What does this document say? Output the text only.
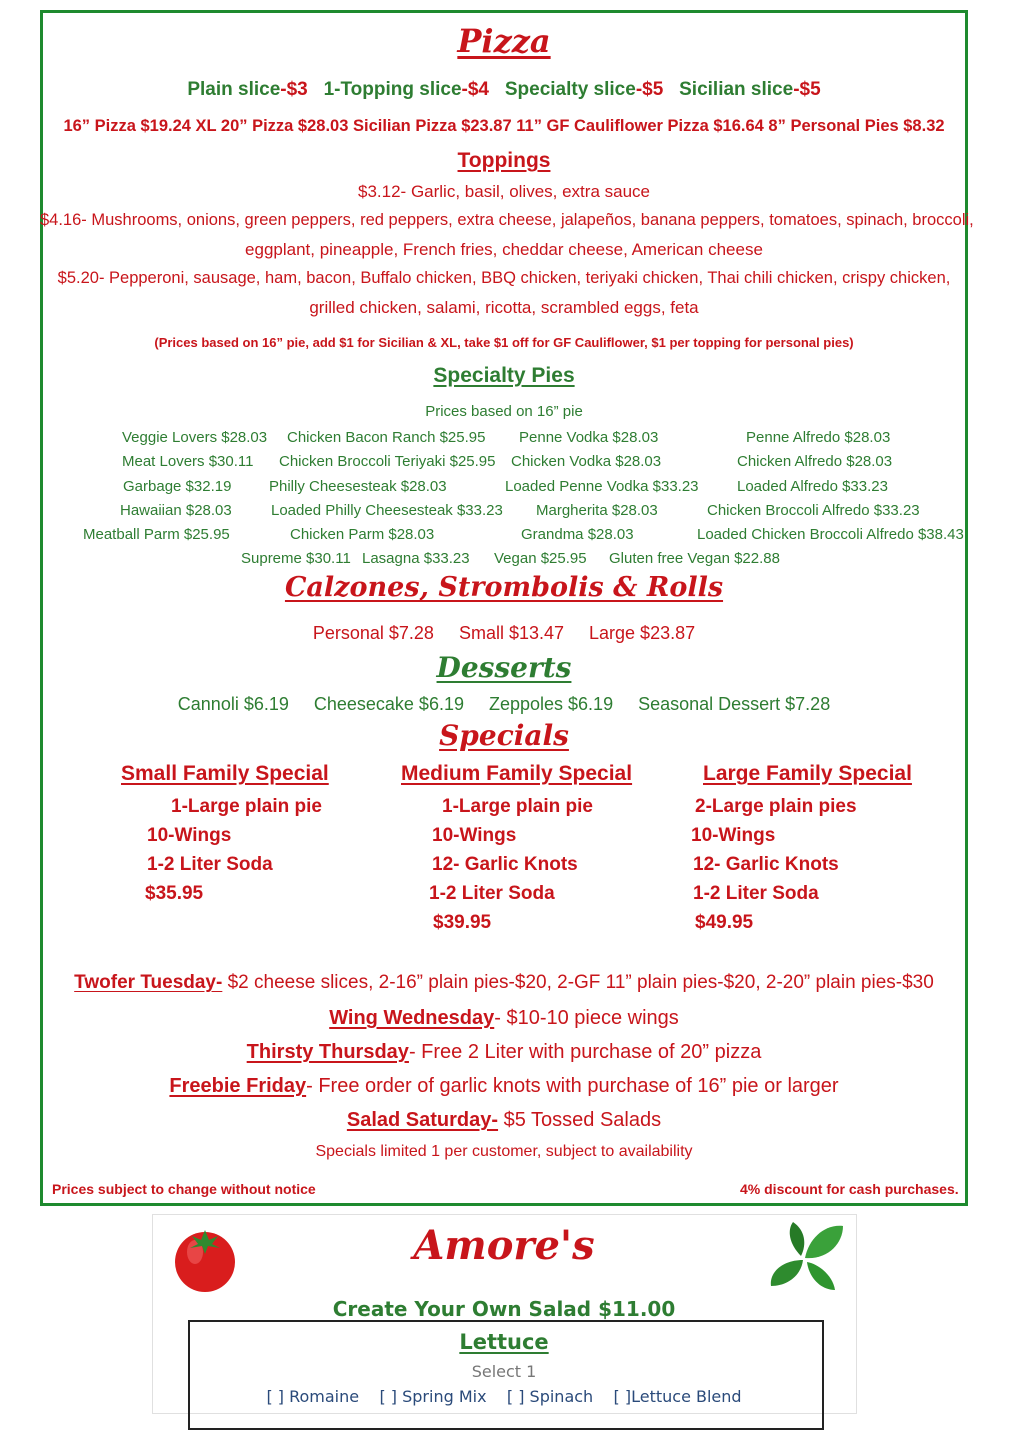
Pizza
Plain slice-$3 1-Topping slice-$4 Specialty slice-$5 Sicilian slice-$5
16” Pizza $19.24 XL 20” Pizza $28.03 Sicilian Pizza $23.87 11” GF Cauliflower Pizza $16.64 8” Personal Pies $8.32
Toppings
$3.12- Garlic, basil, olives, extra sauce
$4.16- Mushrooms, onions, green peppers, red peppers, extra cheese, jalapeños, banana peppers, tomatoes, spinach, broccoli,
eggplant, pineapple, French fries, cheddar cheese, American cheese
$5.20- Pepperoni, sausage, ham, bacon, Buffalo chicken, BBQ chicken, teriyaki chicken, Thai chili chicken, crispy chicken,
grilled chicken, salami, ricotta, scrambled eggs, feta
(Prices based on 16” pie, add $1 for Sicilian & XL, take $1 off for GF Cauliflower, $1 per topping for personal pies)
Specialty Pies
Prices based on 16” pie
Veggie Lovers $28.03 Chicken Bacon Ranch $25.95 Penne Vodka $28.03	Penne Alfredo $28.03
Meat Lovers $30.11 Chicken Broccoli Teriyaki $25.95 Chicken Vodka $28.03	Chicken Alfredo $28.03
Garbage $32.19	Philly Cheesesteak $28.03	Loaded Penne Vodka $33.23	Loaded Alfredo $33.23
Hawaiian $28.03	Loaded Philly Cheesesteak $33.23 Margherita $28.03	Chicken Broccoli Alfredo $33.23
Meatball Parm $25.95	Chicken Parm $28.03	Grandma $28.03	Loaded Chicken Broccoli Alfredo $38.43
Supreme $30.11 Lasagna $33.23 Vegan $25.95 Gluten free Vegan $22.88
Calzones, Strombolis & Rolls
Personal $7.28     Small $13.47     Large $23.87
Desserts
Cannoli $6.19     Cheesecake $6.19     Zeppoles $6.19     Seasonal Dessert $7.28
Specials
Small Family Special
1-Large plain pie
10-Wings
1-2 Liter Soda
$35.95
Medium Family Special
1-Large plain pie
10-Wings
12- Garlic Knots
1-2 Liter Soda
$39.95
Large Family Special
2-Large plain pies
10-Wings
12- Garlic Knots
1-2 Liter Soda
$49.95
Twofer Tuesday- $2 cheese slices, 2-16” plain pies-$20, 2-GF 11” plain pies-$20, 2-20” plain pies-$30
Wing Wednesday- $10-10 piece wings
Thirsty Thursday- Free 2 Liter with purchase of 20” pizza
Freebie Friday- Free order of garlic knots with purchase of 16” pie or larger
Salad Saturday- $5 Tossed Salads
Specials limited 1 per customer, subject to availability
Prices subject to change without notice	4% discount for cash purchases.
Amore's
Create Your Own Salad $11.00
Lettuce
Select 1
[ ] Romaine [ ] Spring Mix [ ] Spinach [ ]Lettuce Blend
